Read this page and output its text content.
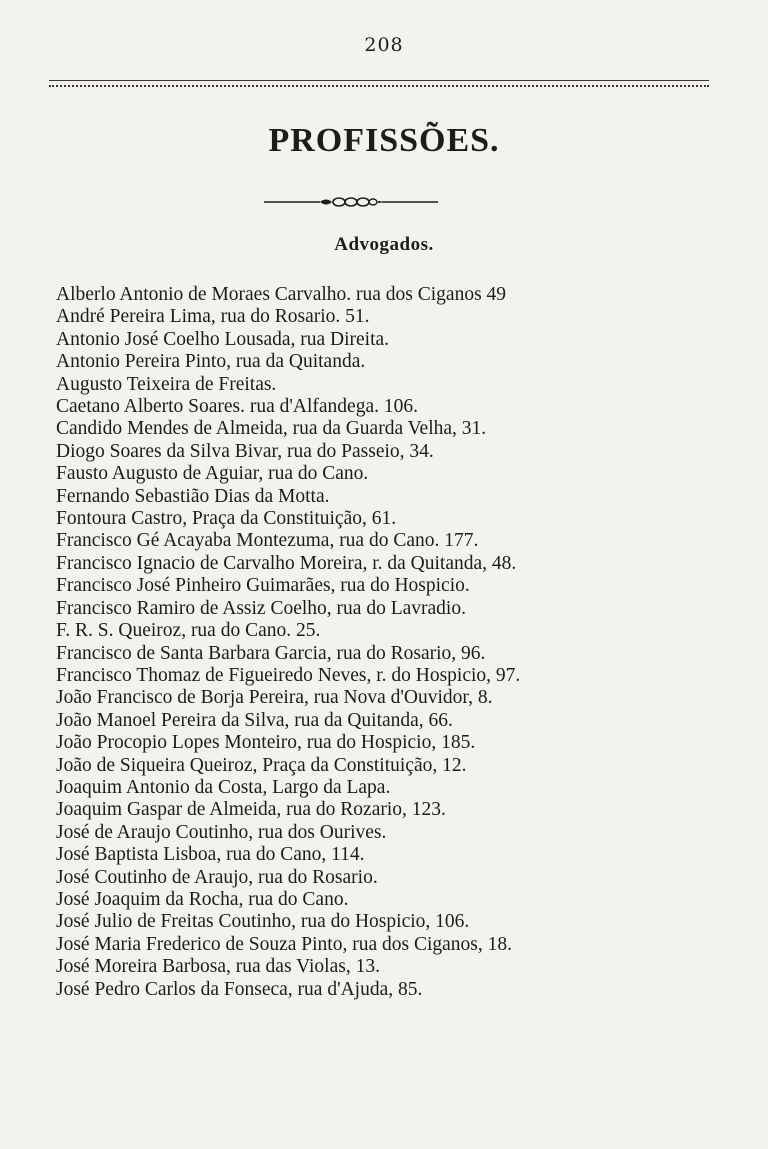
208
PROFISSÕES.
Advogados.
Alberlo Antonio de Moraes Carvalho. rua dos Ciganos 49
André Pereira Lima, rua do Rosario. 51.
Antonio José Coelho Lousada, rua Direita.
Antonio Pereira Pinto, rua da Quitanda.
Augusto Teixeira de Freitas.
Caetano Alberto Soares. rua d'Alfandega. 106.
Candido Mendes de Almeida, rua da Guarda Velha, 31.
Diogo Soares da Silva Bivar, rua do Passeio, 34.
Fausto Augusto de Aguiar, rua do Cano.
Fernando Sebastião Dias da Motta.
Fontoura Castro, Praça da Constituição, 61.
Francisco Gé Acayaba Montezuma, rua do Cano. 177.
Francisco Ignacio de Carvalho Moreira, r. da Quitanda, 48.
Francisco José Pinheiro Guimarães, rua do Hospicio.
Francisco Ramiro de Assiz Coelho, rua do Lavradio.
F. R. S. Queiroz, rua do Cano. 25.
Francisco de Santa Barbara Garcia, rua do Rosario, 96.
Francisco Thomaz de Figueiredo Neves, r. do Hospicio, 97.
João Francisco de Borja Pereira, rua Nova d'Ouvidor, 8.
João Manoel Pereira da Silva, rua da Quitanda, 66.
João Procopio Lopes Monteiro, rua do Hospicio, 185.
João de Siqueira Queiroz, Praça da Constituição, 12.
Joaquim Antonio da Costa, Largo da Lapa.
Joaquim Gaspar de Almeida, rua do Rozario, 123.
José de Araujo Coutinho, rua dos Ourives.
José Baptista Lisboa, rua do Cano, 114.
José Coutinho de Araujo, rua do Rosario.
José Joaquim da Rocha, rua do Cano.
José Julio de Freitas Coutinho, rua do Hospicio, 106.
José Maria Frederico de Souza Pinto, rua dos Ciganos, 18.
José Moreira Barbosa, rua das Violas, 13.
José Pedro Carlos da Fonseca, rua d'Ajuda, 85.
